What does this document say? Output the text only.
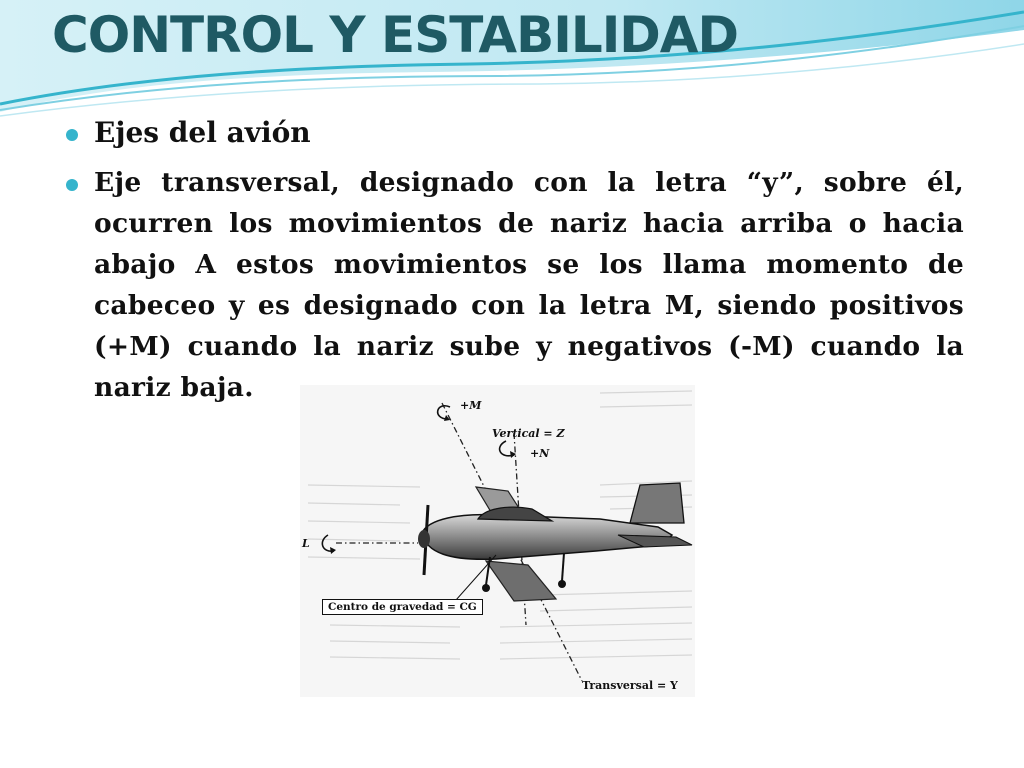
CONTROL Y ESTABILIDAD
Ejes del avión
Eje transversal, designado con la letra “y”, sobre él, ocurren los movimientos de nariz hacia arriba o hacia abajo A estos movimientos se los llama momento de cabeceo y es designado con la letra M, siendo positivos (+M) cuando la nariz sube y negativos (-M) cuando la nariz baja.
+M
Vertical = Z
+N
L
Centro de gravedad = CG
Transversal = Y
